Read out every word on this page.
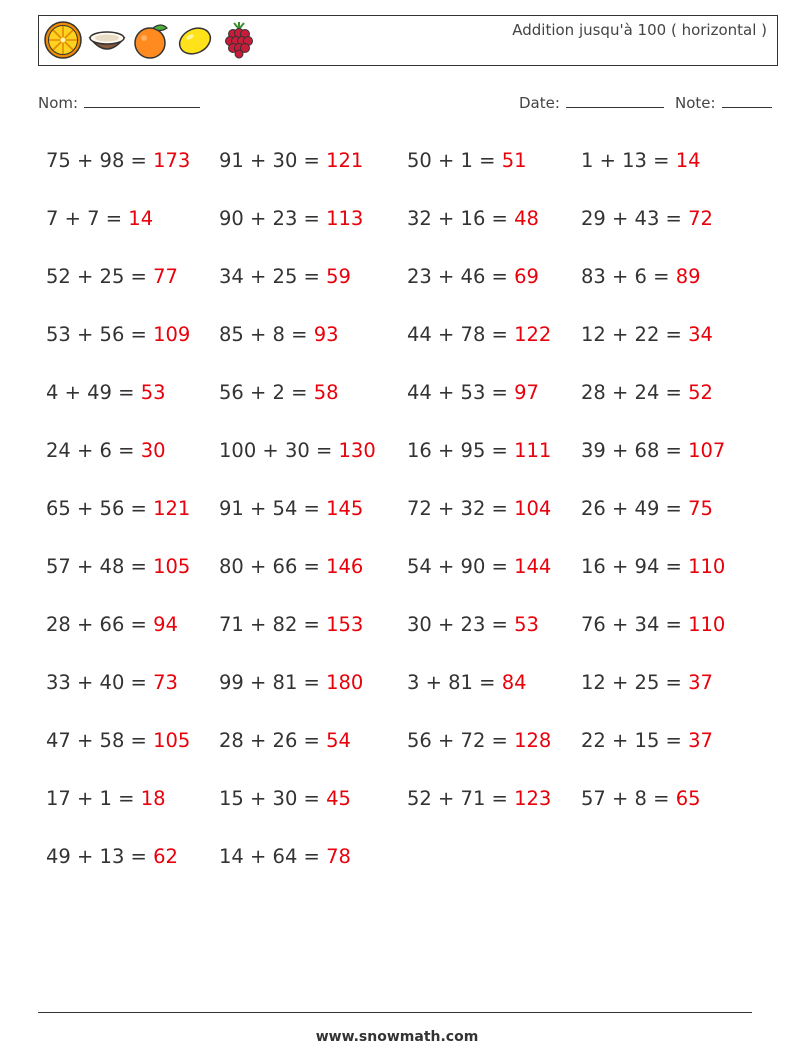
Addition jusqu'à 100 ( horizontal )
Nom:	Date:	Note:
75 + 98 = 173
7 + 7 = 14
52 + 25 = 77
53 + 56 = 109
4 + 49 = 53
24 + 6 = 30
65 + 56 = 121
57 + 48 = 105
28 + 66 = 94
33 + 40 = 73
47 + 58 = 105
17 + 1 = 18
49 + 13 = 62
91 + 30 = 121
90 + 23 = 113
34 + 25 = 59
85 + 8 = 93
56 + 2 = 58
100 + 30 = 130
91 + 54 = 145
80 + 66 = 146
71 + 82 = 153
99 + 81 = 180
28 + 26 = 54
15 + 30 = 45
14 + 64 = 78
50 + 1 = 51
32 + 16 = 48
23 + 46 = 69
44 + 78 = 122
44 + 53 = 97
16 + 95 = 111
72 + 32 = 104
54 + 90 = 144
30 + 23 = 53
3 + 81 = 84
56 + 72 = 128
52 + 71 = 123
1 + 13 = 14
29 + 43 = 72
83 + 6 = 89
12 + 22 = 34
28 + 24 = 52
39 + 68 = 107
26 + 49 = 75
16 + 94 = 110
76 + 34 = 110
12 + 25 = 37
22 + 15 = 37
57 + 8 = 65
www.snowmath.com
